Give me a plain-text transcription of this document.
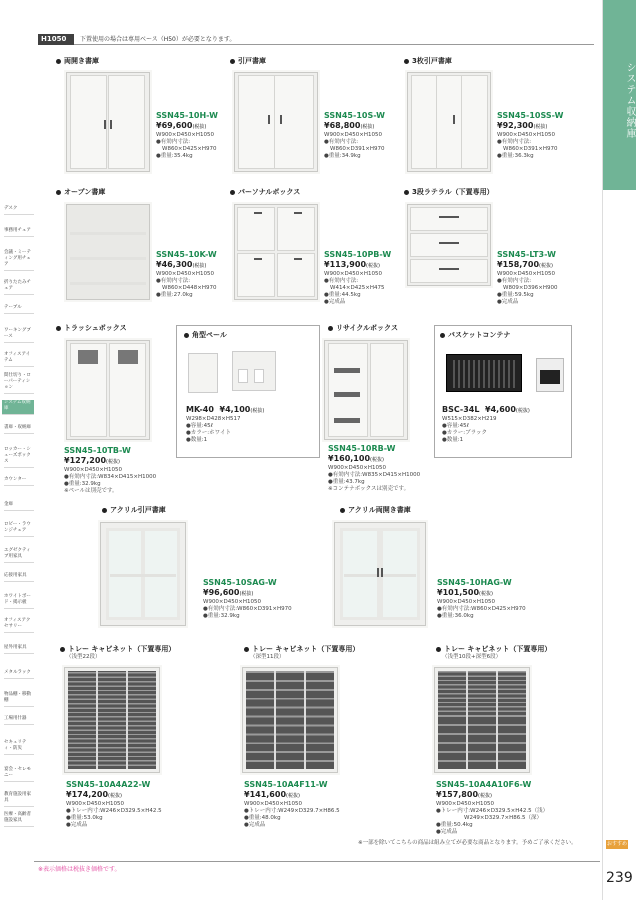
H1050	下置使用の場合は専用ベース（H50）が必要となります。
システム収納庫
デスク
事務用チェア
会議・ミーティング用チェア
折りたたみチェア
テーブル
ワーキングブース
オフィスアイテム
間仕切り・ローパーティション
システム収納庫
書庫・収納庫
ロッカー・シューズボックス
カウンター
金庫
ロビー・ラウンジチェア
エグゼクティブ用家具
応接用家具
ホワイトボード・掲示板
オフィスアクセサリー
屋外用家具
メタルラック
物品棚・移動棚
工場用什器
セキュリティ・防災
宴会・セレモニー
教育施設用家具
医療・高齢者施設家具
おすすめ
両開き書庫
SSN45-10H-W
¥69,600(税抜)
W900×D450×H1050
●有効内寸法:
W860×D425×H970
●重量:35.4kg
引戸書庫
SSN45-10S-W
¥68,800(税抜)
W900×D450×H1050
●有効内寸法:
W860×D391×H970
●重量:34.9kg
3枚引戸書庫
SSN45-10SS-W
¥92,300(税抜)
W900×D450×H1050
●有効内寸法:
W860×D391×H970
●重量:36.3kg
オープン書庫
SSN45-10K-W
¥46,300(税抜)
W900×D450×H1050
●有効内寸法:
W860×D448×H970
●重量:27.0kg
パーソナルボックス
SSN45-10PB-W
¥113,900(税抜)
W900×D450×H1050
●有効内寸法:
W414×D425×H475
●重量:44.5kg
●完成品
3段ラテラル（下置専用）
SSN45-LT3-W
¥158,700(税抜)
W900×D450×H1050
●有効内寸法:
W809×D396×H900
●重量:59.5kg
●完成品
トラッシュボックス
SSN45-10TB-W
¥127,200(税抜)
W900×D450×H1050
●有効内寸法:W834×D415×H1000
●重量:32.9kg
※ペールは別売です。
角型ペール
MK-40 ¥4,100(税抜)
W298×D428×H517
●容量:45ℓ
●カラー:ホワイト
●数量:1
リサイクルボックス
SSN45-10RB-W
¥160,100(税抜)
W900×D450×H1050
●有効内寸法:W835×D415×H1000
●重量:43.7kg
※コンテナボックスは別売です。
バスケットコンテナ
BSC-34L ¥4,600(税抜)
W515×D382×H219
●容量:45ℓ
●カラー:ブラック
●数量:1
アクリル引戸書庫
SSN45-10SAG-W
¥96,600(税抜)
W900×D450×H1050
●有効内寸法:W860×D391×H970
●重量:32.9kg
アクリル両開き書庫
SSN45-10HAG-W
¥101,500(税抜)
W900×D450×H1050
●有効内寸法:W860×D425×H970
●重量:36.0kg
トレー キャビネット（下置専用）
（浅型22段）
SSN45-10A4A22-W
¥174,200(税抜)
W900×D450×H1050
●トレー内寸:W246×D329.5×H42.5
●重量:53.0kg
●完成品
トレー キャビネット（下置専用）
（深型11段）
SSN45-10A4F11-W
¥141,600(税抜)
W900×D450×H1050
●トレー内寸:W249×D329.7×H86.5
●重量:48.0kg
●完成品
トレー キャビネット（下置専用）
（浅型10段+深型6段）
SSN45-10A4A10F6-W
¥157,800(税抜)
W900×D450×H1050
●トレー内寸:W246×D329.5×H42.5（浅）
W249×D329.7×H86.5（深）
●重量:50.4kg
●完成品
※一部を除いてこちらの商品は組み立てが必要な商品となります。予めご了承ください。
※表示価格は税抜き価格です。
239
